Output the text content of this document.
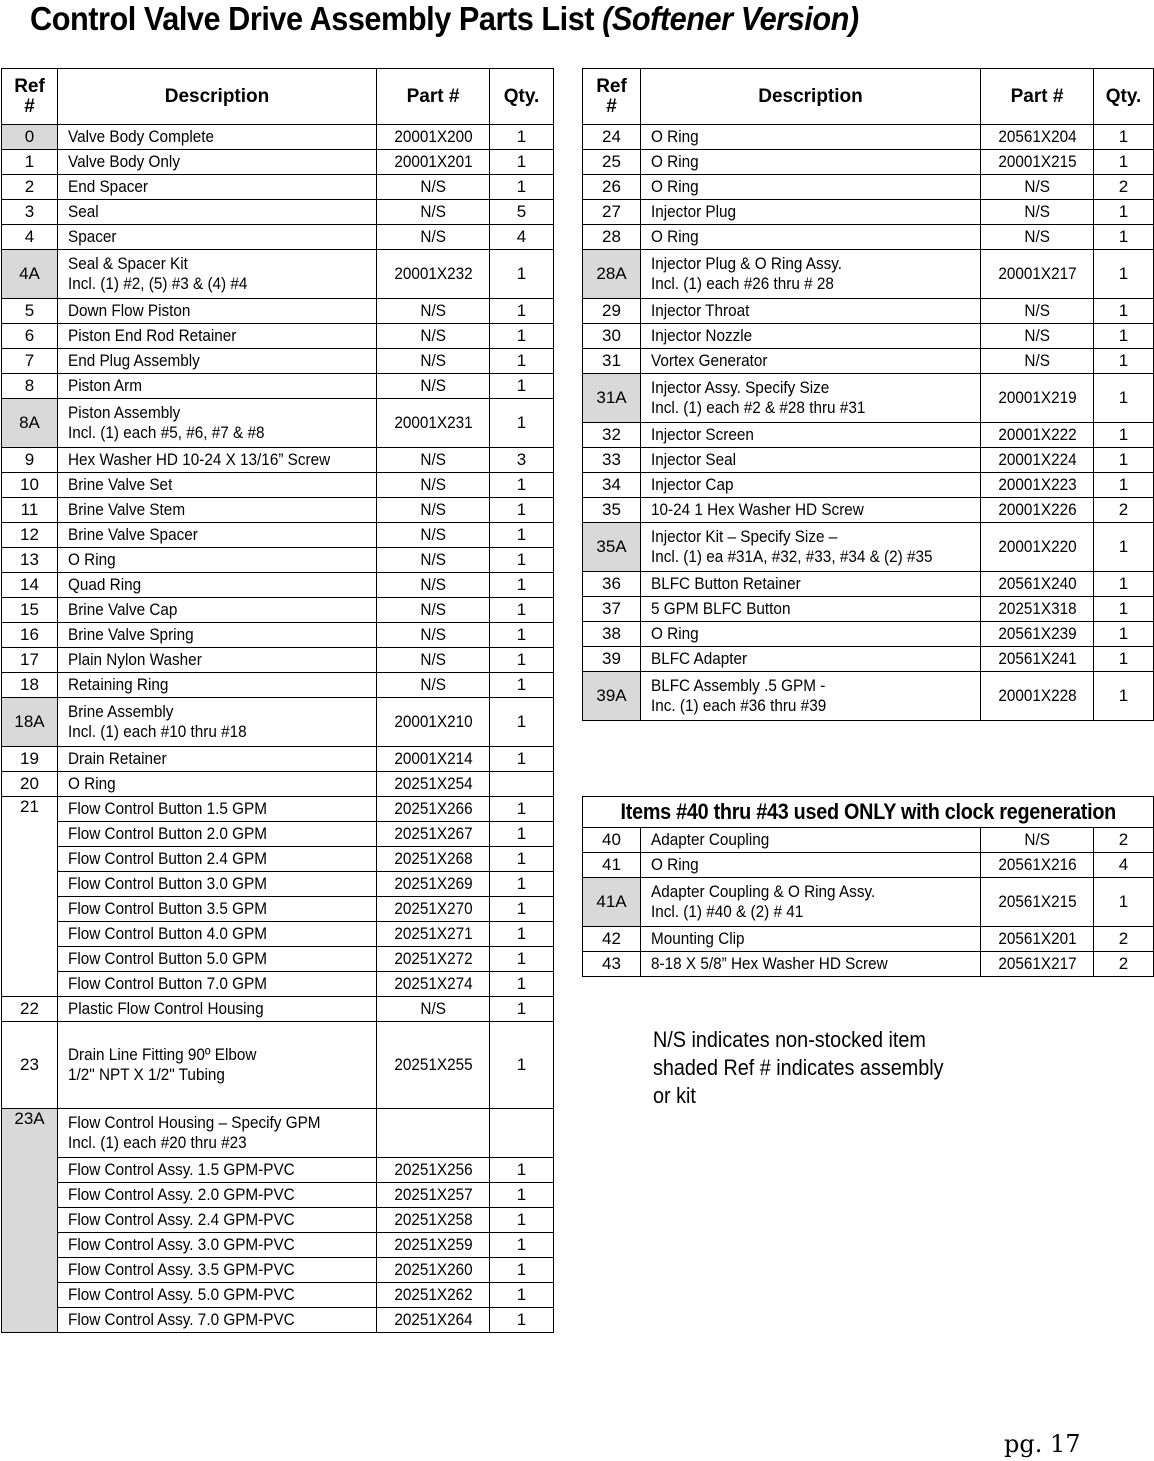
Control Valve Drive Assembly Parts List (Softener Version)
Ref
#	Description	Part #	Qty.
0	Valve Body Complete	20001X200	1
1	Valve Body Only	20001X201	1
2	End Spacer	N/S	1
3	Seal	N/S	5
4	Spacer	N/S	4
4A	Seal & Spacer Kit
Incl. (1) #2, (5) #3 & (4) #4	20001X232	1
5	Down Flow Piston	N/S	1
6	Piston End Rod Retainer	N/S	1
7	End Plug Assembly	N/S	1
8	Piston Arm	N/S	1
8A	Piston Assembly
Incl. (1) each #5, #6, #7 & #8	20001X231	1
9	Hex Washer HD 10-24 X 13/16” Screw	N/S	3
10	Brine Valve Set	N/S	1
11	Brine Valve Stem	N/S	1
12	Brine Valve Spacer	N/S	1
13	O Ring	N/S	1
14	Quad Ring	N/S	1
15	Brine Valve Cap	N/S	1
16	Brine Valve Spring	N/S	1
17	Plain Nylon Washer	N/S	1
18	Retaining Ring	N/S	1
18A	Brine Assembly
Incl. (1) each #10 thru #18	20001X210	1
19	Drain Retainer	20001X214	1
20	O Ring	20251X254	
21	Flow Control Button 1.5 GPM	20251X266	1
	Flow Control Button 2.0 GPM	20251X267	1
	Flow Control Button 2.4 GPM	20251X268	1
	Flow Control Button 3.0 GPM	20251X269	1
	Flow Control Button 3.5 GPM	20251X270	1
	Flow Control Button 4.0 GPM	20251X271	1
	Flow Control Button 5.0 GPM	20251X272	1
	Flow Control Button 7.0 GPM	20251X274	1
22	Plastic Flow Control Housing	N/S	1
23	Drain Line Fitting 90º Elbow
1/2" NPT X 1/2" Tubing	20251X255	1
23A	Flow Control Housing – Specify GPM
Incl. (1) each #20 thru #23		
	Flow Control Assy. 1.5 GPM-PVC	20251X256	1
	Flow Control Assy. 2.0 GPM-PVC	20251X257	1
	Flow Control Assy. 2.4 GPM-PVC	20251X258	1
	Flow Control Assy. 3.0 GPM-PVC	20251X259	1
	Flow Control Assy. 3.5 GPM-PVC	20251X260	1
	Flow Control Assy. 5.0 GPM-PVC	20251X262	1
	Flow Control Assy. 7.0 GPM-PVC	20251X264	1
Ref
#	Description	Part #	Qty.
24	O Ring	20561X204	1
25	O Ring	20001X215	1
26	O Ring	N/S	2
27	Injector Plug	N/S	1
28	O Ring	N/S	1
28A	Injector Plug & O Ring Assy.
Incl. (1) each #26 thru # 28	20001X217	1
29	Injector Throat	N/S	1
30	Injector Nozzle	N/S	1
31	Vortex Generator	N/S	1
31A	Injector Assy. Specify Size
Incl. (1) each #2 & #28 thru #31	20001X219	1
32	Injector Screen	20001X222	1
33	Injector Seal	20001X224	1
34	Injector Cap	20001X223	1
35	10-24 1 Hex Washer HD Screw	20001X226	2
35A	Injector Kit – Specify Size –
Incl. (1) ea #31A, #32, #33, #34 & (2) #35	20001X220	1
36	BLFC Button Retainer	20561X240	1
37	5 GPM BLFC Button	20251X318	1
38	O Ring	20561X239	1
39	BLFC Adapter	20561X241	1
39A	BLFC Assembly .5 GPM -
Inc. (1) each #36 thru #39	20001X228	1
Items #40 thru #43 used ONLY with clock regeneration			
40	Adapter Coupling	N/S	2
41	O Ring	20561X216	4
41A	Adapter Coupling & O Ring Assy.
Incl. (1) #40 & (2) # 41	20561X215	1
42	Mounting Clip	20561X201	2
43	8-18 X 5/8” Hex Washer HD Screw	20561X217	2
N/S indicates non-stocked item
shaded Ref # indicates assembly
or kit
pg. 17
